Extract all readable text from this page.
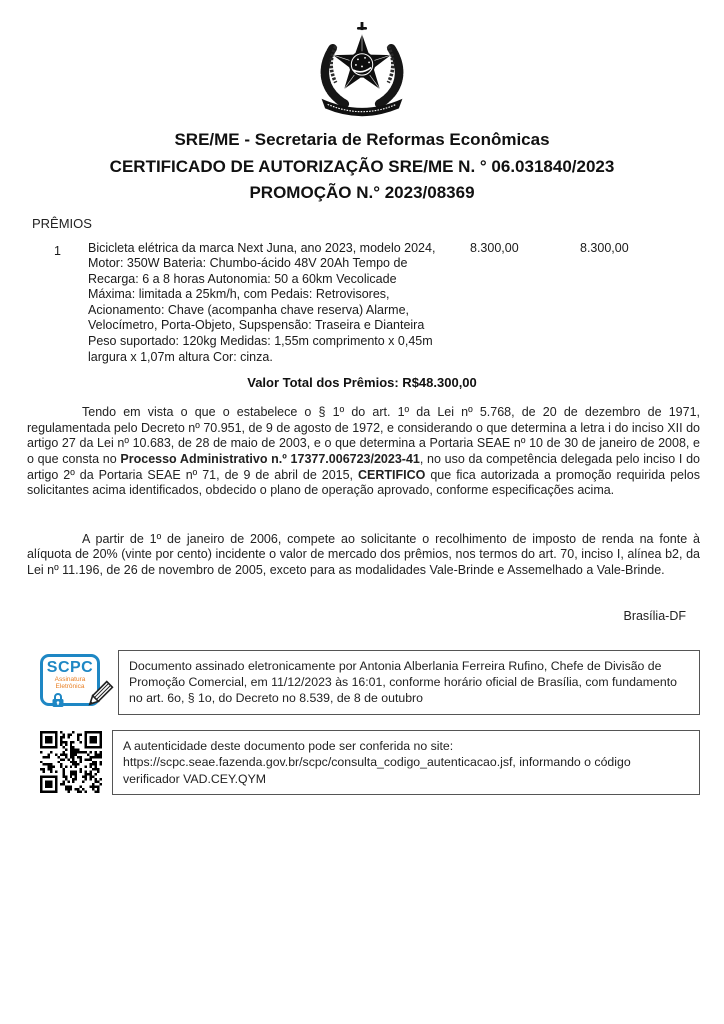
SRE/ME - Secretaria de Reformas Econômicas
CERTIFICADO DE AUTORIZAÇÃO SRE/ME N. ° 06.031840/2023
PROMOÇÃO N.° 2023/08369
PRÊMIOS
1	Bicicleta elétrica da marca Next Juna, ano 2023, modelo 2024, Motor: 350W Bateria: Chumbo-ácido 48V 20Ah Tempo de Recarga: 6 a 8 horas Autonomia: 50 a 60km Vecolicade Máxima: limitada a 25km/h, com Pedais: Retrovisores, Acionamento: Chave (acompanha chave reserva) Alarme, Velocímetro, Porta-Objeto, Supspensão: Traseira e Dianteira Peso suportado: 120kg Medidas: 1,55m comprimento x 0,45m largura x 1,07m altura Cor: cinza.
8.300,00	8.300,00
Valor Total dos Prêmios: R$48.300,00
Tendo em vista o que o estabelece o § 1º do art. 1º da Lei nº 5.768, de 20 de dezembro de 1971, regulamentada pelo Decreto nº 70.951, de 9 de agosto de 1972, e considerando o que determina a letra i do inciso XII do artigo 27 da Lei nº 10.683, de 28 de maio de 2003, e o que determina a Portaria SEAE nº 10 de 30 de janeiro de 2008, e o que consta no Processo Administrativo n.º 17377.006723/2023-41, no uso da competência delegada pelo inciso I do artigo 2º da Portaria SEAE nº 71, de 9 de abril de 2015, CERTIFICO que fica autorizada a promoção requirida pelos solicitantes acima identificados, obdecido o plano de operação aprovado, conforme especificações acima.
A partir de 1º de janeiro de 2006, compete ao solicitante o recolhimento de imposto de renda na fonte à alíquota de 20% (vinte por cento) incidente o valor de mercado dos prêmios, nos termos do art. 70, inciso I, alínea b2, da Lei nº 11.196, de 26 de novembro de 2005, exceto para as modalidades Vale-Brinde e Assemelhado a Vale-Brinde.
Brasília-DF
SCPC
Assinatura
Eletrônica
Documento assinado eletronicamente por Antonia Alberlania Ferreira Rufino, Chefe de Divisão de Promoção Comercial, em 11/12/2023 às 16:01, conforme horário oficial de Brasília, com fundamento no art. 6o, § 1o, do Decreto no 8.539, de 8 de outubro
A autenticidade deste documento pode ser conferida no site: https://scpc.seae.fazenda.gov.br/scpc/consulta_codigo_autenticacao.jsf, informando o código verificador VAD.CEY.QYM
